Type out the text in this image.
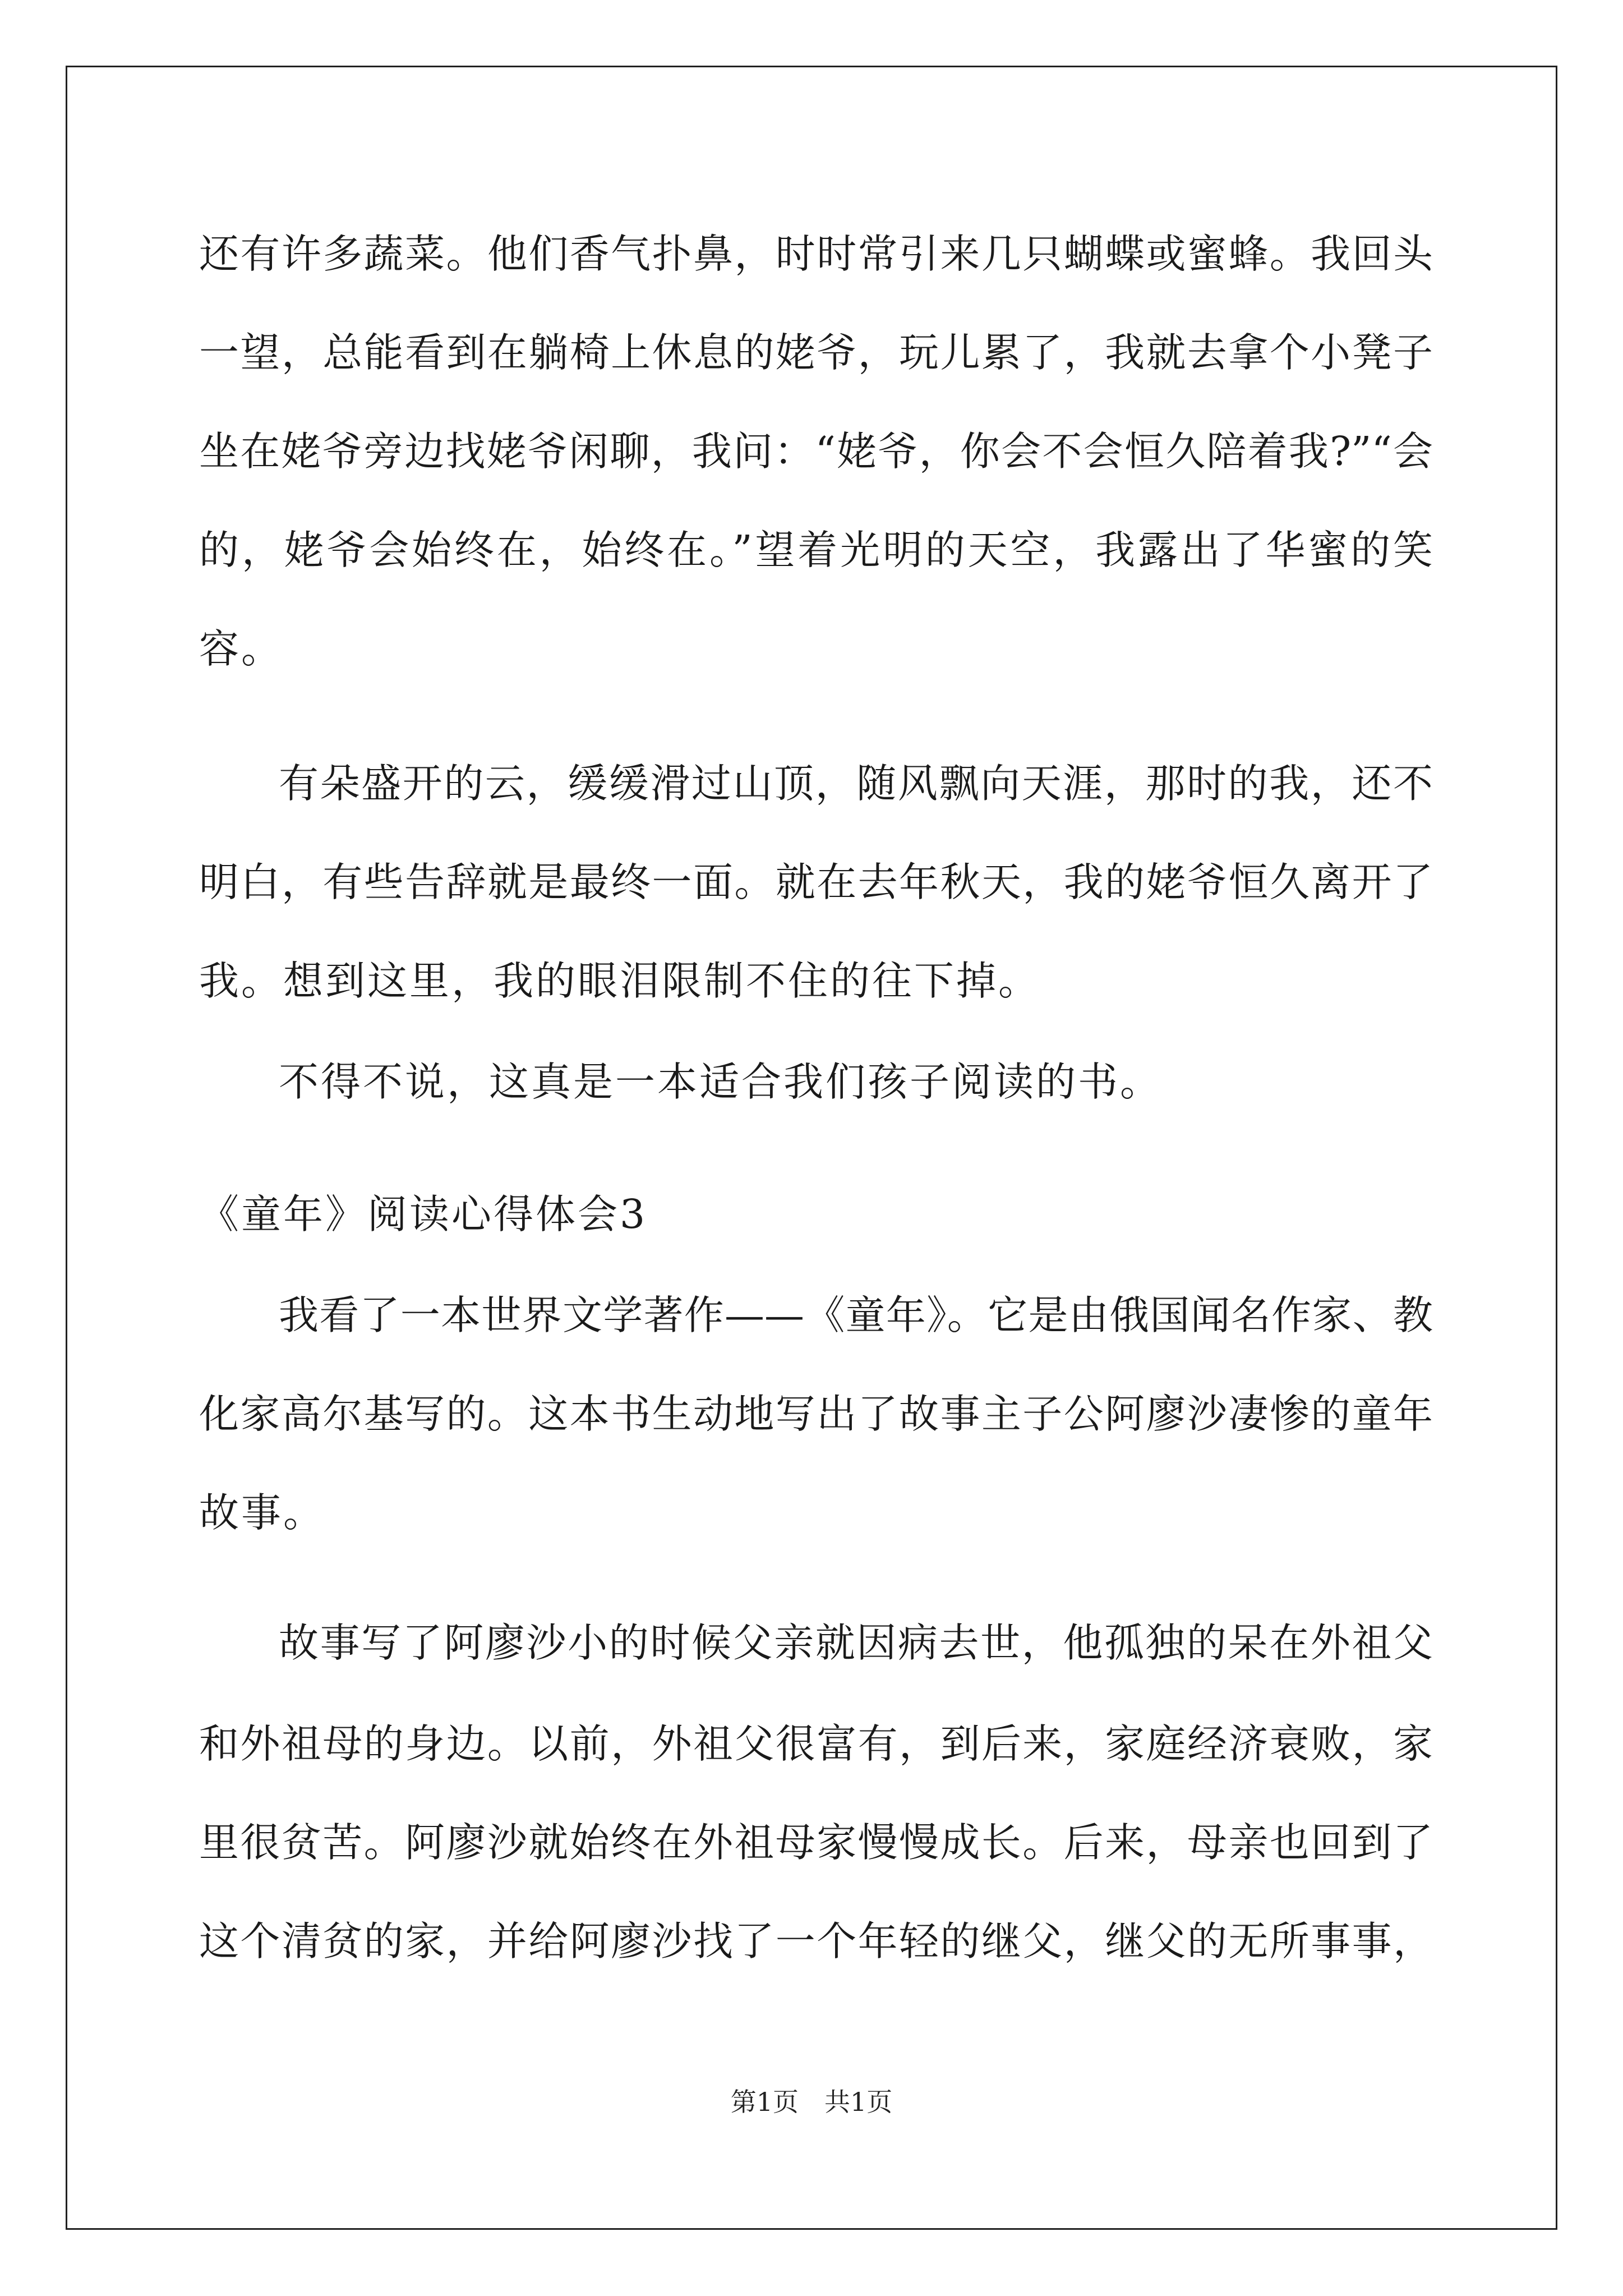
还有许多蔬菜。他们香气扑鼻，时时常引来几只蝴蝶或蜜蜂。我回头
一望，总能看到在躺椅上休息的姥爷，玩儿累了，我就去拿个小凳子
坐在姥爷旁边找姥爷闲聊，我问：“姥爷，你会不会恒久陪着我?”“会
的，姥爷会始终在，始终在。”望着光明的天空，我露出了华蜜的笑
容。
有朵盛开的云，缓缓滑过山顶，随风飘向天涯，那时的我，还不
明白，有些告辞就是最终一面。就在去年秋天，我的姥爷恒久离开了
我。想到这里，我的眼泪限制不住的往下掉。
不得不说，这真是一本适合我们孩子阅读的书。
《童年》阅读心得体会3
我看了一本世界文学著作——《童年》。它是由俄国闻名作家、教
化家高尔基写的。这本书生动地写出了故事主子公阿廖沙凄惨的童年
故事。
故事写了阿廖沙小的时候父亲就因病去世，他孤独的呆在外祖父
和外祖母的身边。以前，外祖父很富有，到后来，家庭经济衰败，家
里很贫苦。阿廖沙就始终在外祖母家慢慢成长。后来，母亲也回到了
这个清贫的家，并给阿廖沙找了一个年轻的继父，继父的无所事事，
第1页　共1页
